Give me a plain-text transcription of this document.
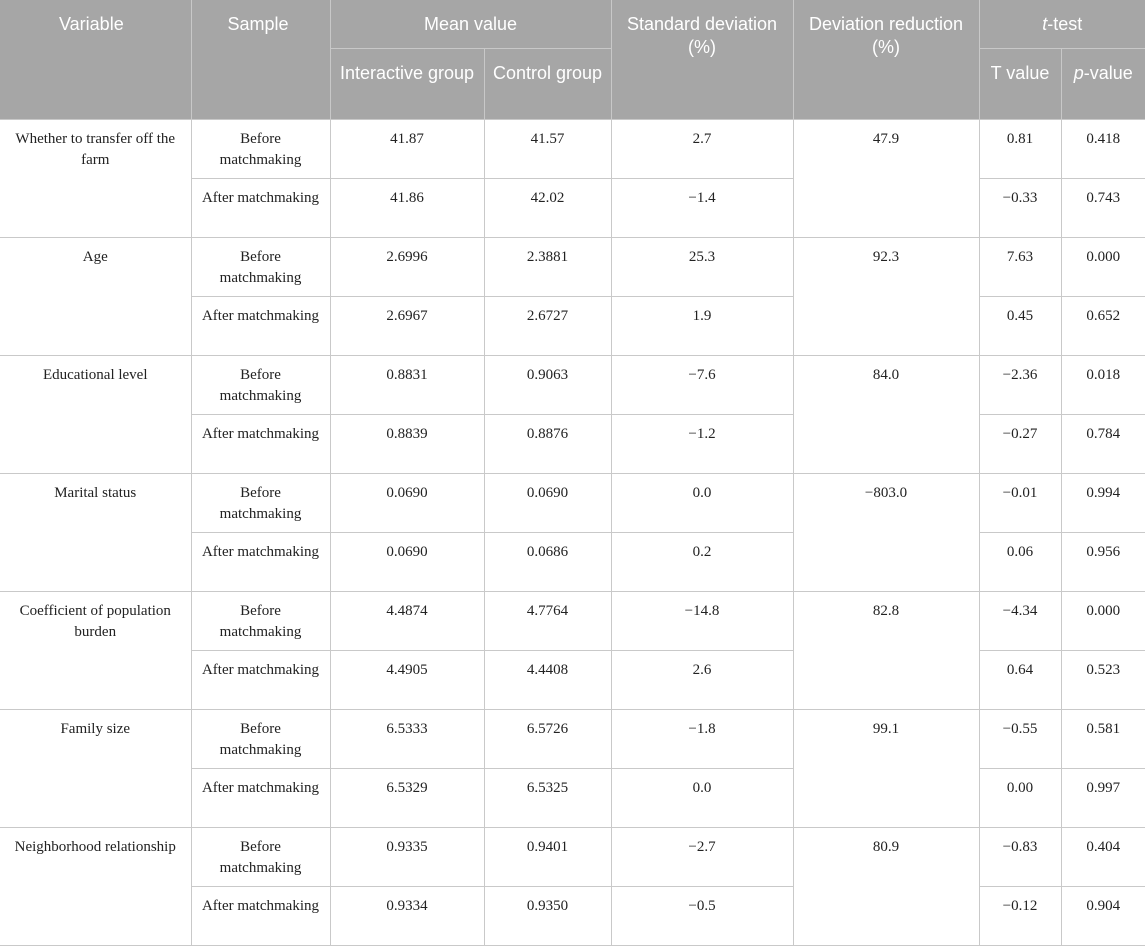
Variable	Sample	Mean value		Standard deviation (%)	Deviation reduction (%)	t-test	
		Interactive group	Control group			T value	p-value
Whether to transfer off the farm	Before matchmaking	41.87	41.57	2.7	47.9	0.81	0.418
	After matchmaking	41.86	42.02	−1.4		−0.33	0.743
Age	Before matchmaking	2.6996	2.3881	25.3	92.3	7.63	0.000
	After matchmaking	2.6967	2.6727	1.9		0.45	0.652
Educational level	Before matchmaking	0.8831	0.9063	−7.6	84.0	−2.36	0.018
	After matchmaking	0.8839	0.8876	−1.2		−0.27	0.784
Marital status	Before matchmaking	0.0690	0.0690	0.0	−803.0	−0.01	0.994
	After matchmaking	0.0690	0.0686	0.2		0.06	0.956
Coefficient of population burden	Before matchmaking	4.4874	4.7764	−14.8	82.8	−4.34	0.000
	After matchmaking	4.4905	4.4408	2.6		0.64	0.523
Family size	Before matchmaking	6.5333	6.5726	−1.8	99.1	−0.55	0.581
	After matchmaking	6.5329	6.5325	0.0		0.00	0.997
Neighborhood relationship	Before matchmaking	0.9335	0.9401	−2.7	80.9	−0.83	0.404
	After matchmaking	0.9334	0.9350	−0.5		−0.12	0.904
